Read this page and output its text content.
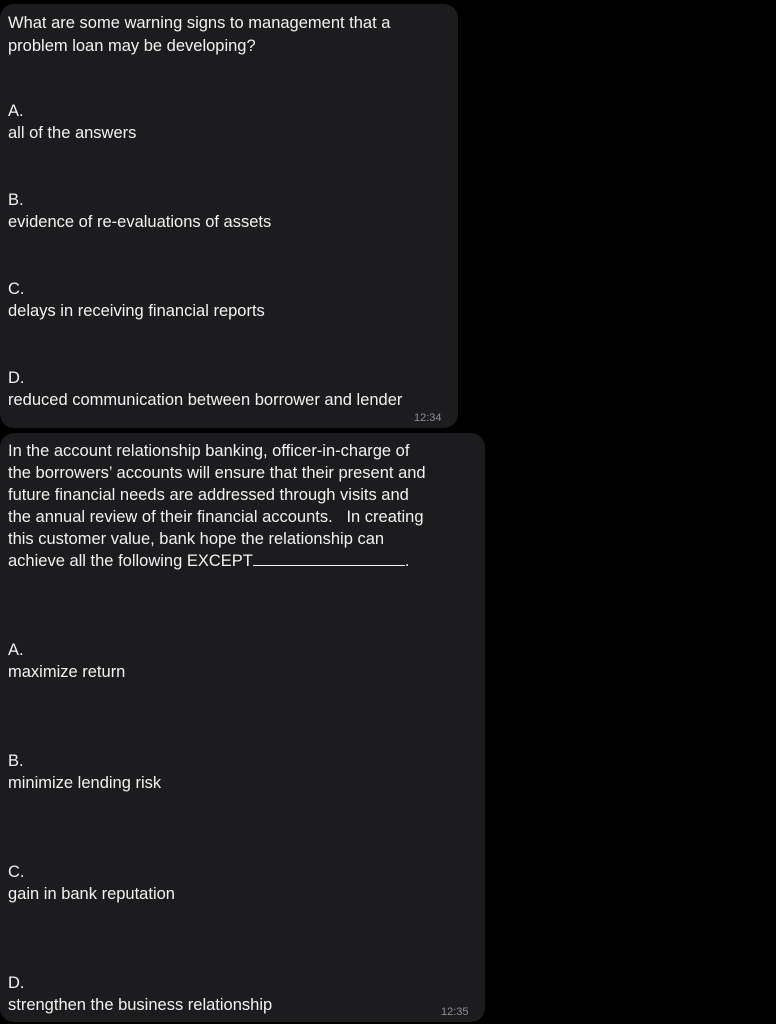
What are some warning signs to management that a
problem loan may be developing?
A.
all of the answers
B.
evidence of re-evaluations of assets
C.
delays in receiving financial reports
D.
reduced communication between borrower and lender
12:34
In the account relationship banking, officer-in-charge of
the borrowers’ accounts will ensure that their present and
future financial needs are addressed through visits and
the annual review of their financial accounts.   In creating
this customer value, bank hope the relationship can
achieve all the following EXCEPT	.
A.
maximize return
B.
minimize lending risk
C.
gain in bank reputation
D.
strengthen the business relationship	12:35
